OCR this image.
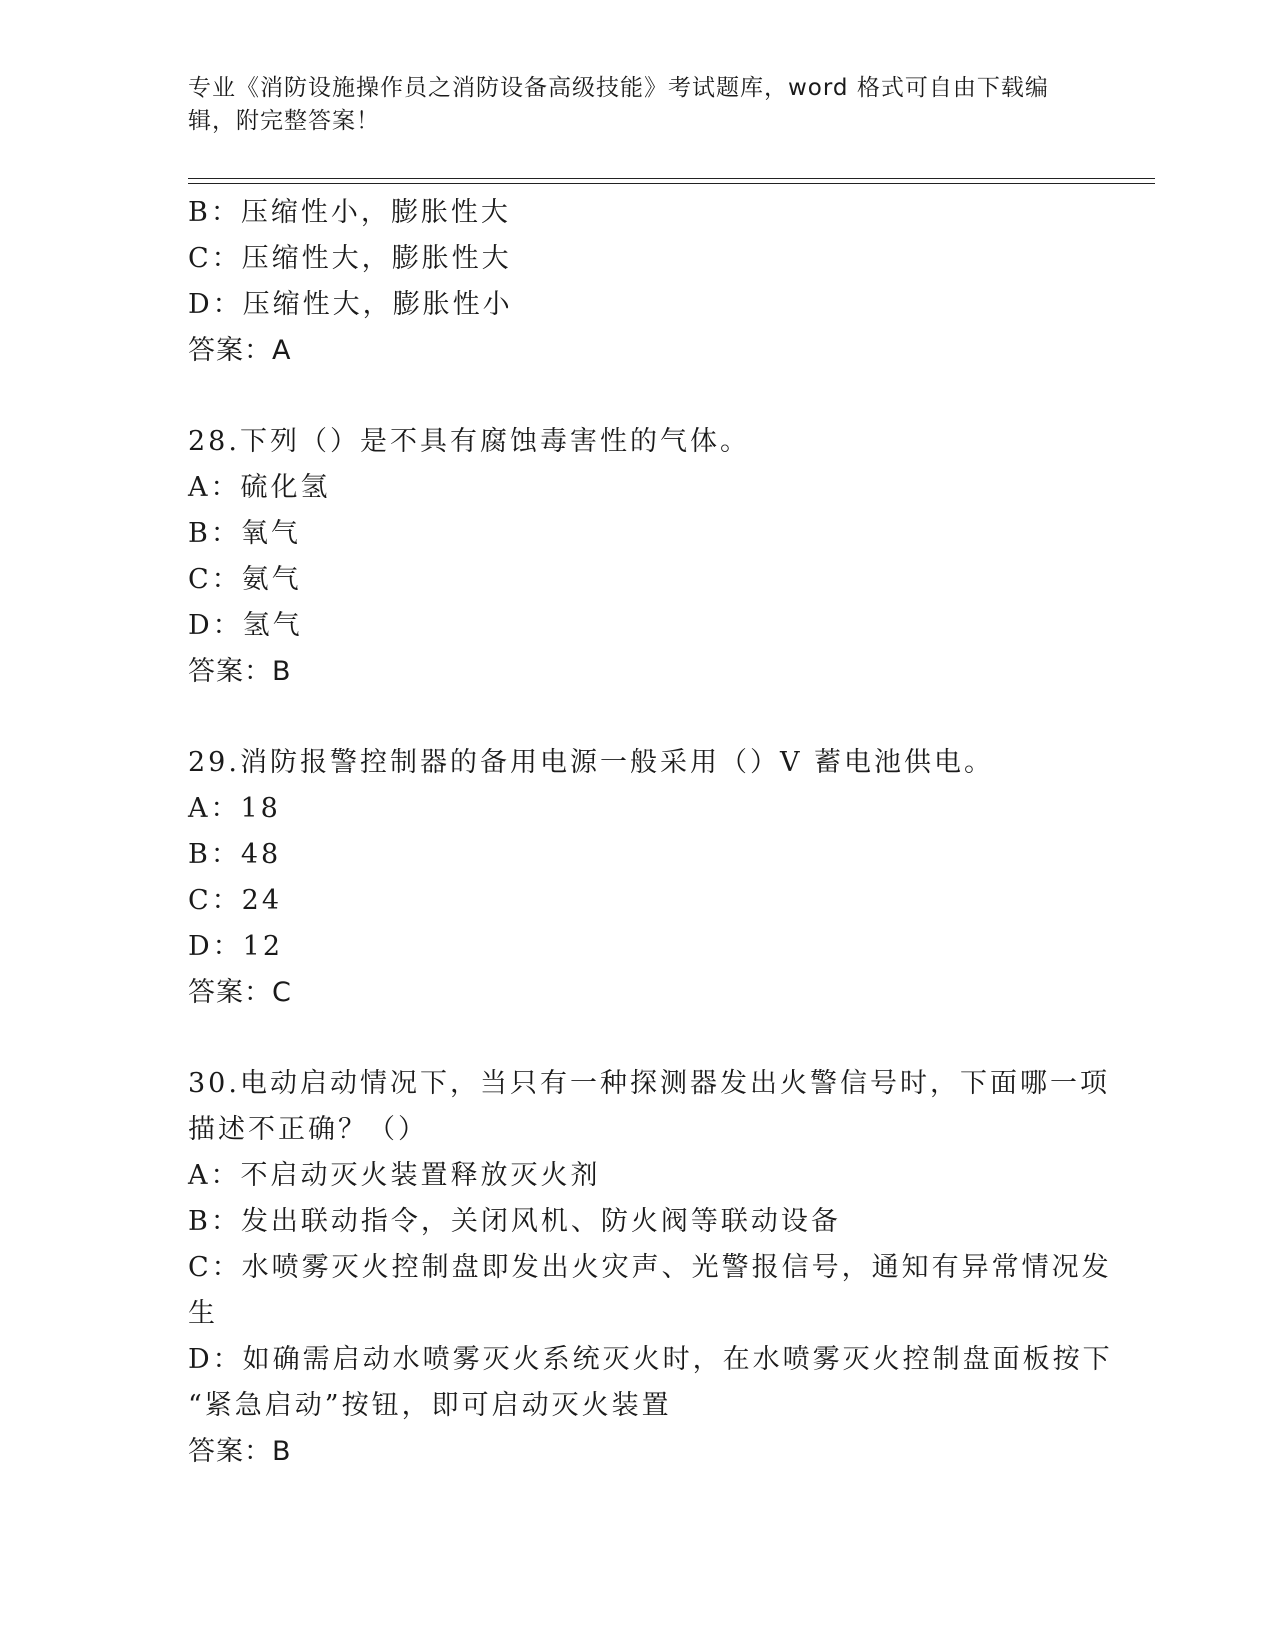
专业《消防设施操作员之消防设备高级技能》考试题库，word 格式可自由下载编
辑，附完整答案！
B：压缩性小，膨胀性大
C：压缩性大，膨胀性大
D：压缩性大，膨胀性小
答案：A
28.下列（）是不具有腐蚀毒害性的气体。
A：硫化氢
B：氧气
C：氨气
D：氢气
答案：B
29.消防报警控制器的备用电源一般采用（）V 蓄电池供电。
A：18
B：48
C：24
D：12
答案：C
30.电动启动情况下，当只有一种探测器发出火警信号时，下面哪一项
描述不正确？（）
A：不启动灭火装置释放灭火剂
B：发出联动指令，关闭风机、防火阀等联动设备
C：水喷雾灭火控制盘即发出火灾声、光警报信号，通知有异常情况发
生
D：如确需启动水喷雾灭火系统灭火时，在水喷雾灭火控制盘面板按下
“紧急启动”按钮，即可启动灭火装置
答案：B
